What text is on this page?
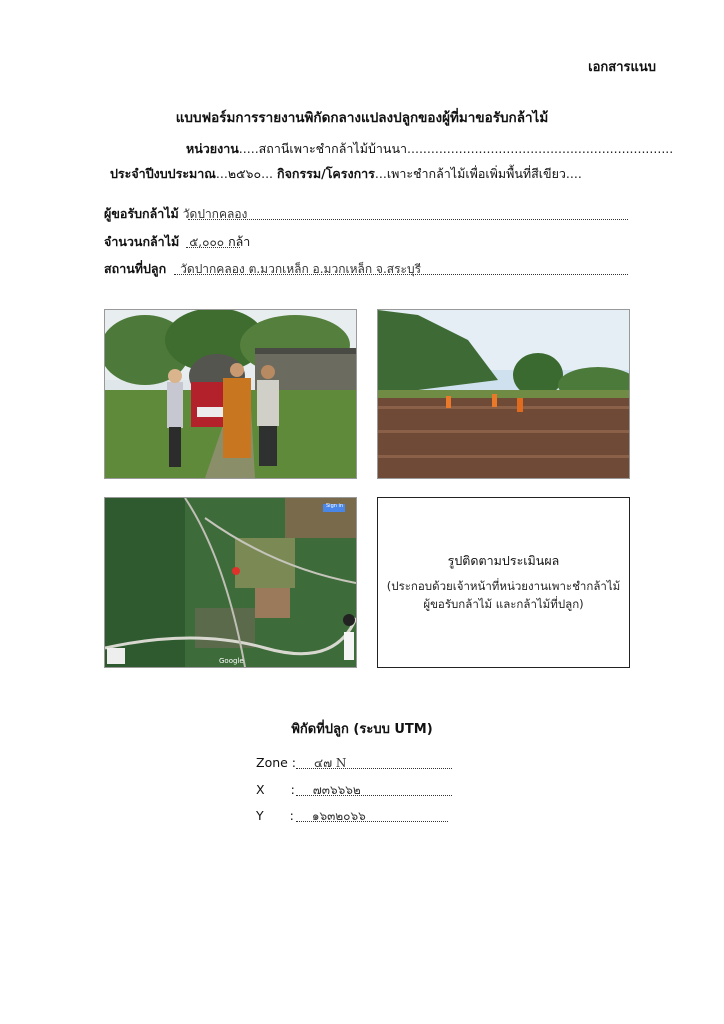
เอกสารแนบ
แบบฟอร์มการรายงานพิกัดกลางแปลงปลูกของผู้ที่มาขอรับกล้าไม้
หน่วยงาน.....สถานีเพาะชำกล้าไม้บ้านนา...................................................................
ประจำปีงบประมาณ...๒๕๖๐... กิจกรรม/โครงการ...เพาะชำกล้าไม้เพื่อเพิ่มพื้นที่สีเขียว....
ผู้ขอรับกล้าไม้ วัดปากคลอง
จำนวนกล้าไม้ ๕,๐๐๐ กล้า
สถานที่ปลูก วัดปากคลอง ต.มวกเหล็ก อ.มวกเหล็ก จ.สระบุรี
Sign in
Google
รูปติดตามประเมินผล
(ประกอบด้วยเจ้าหน้าที่หน่วยงานเพาะชำกล้าไม้
ผู้ขอรับกล้าไม้ และกล้าไม้ที่ปลูก)
พิกัดที่ปลูก (ระบบ UTM)
Zone : ๔๗ N
X : ๗๓๖๖๖๒
Y : ๑๖๓๒๐๖๖
